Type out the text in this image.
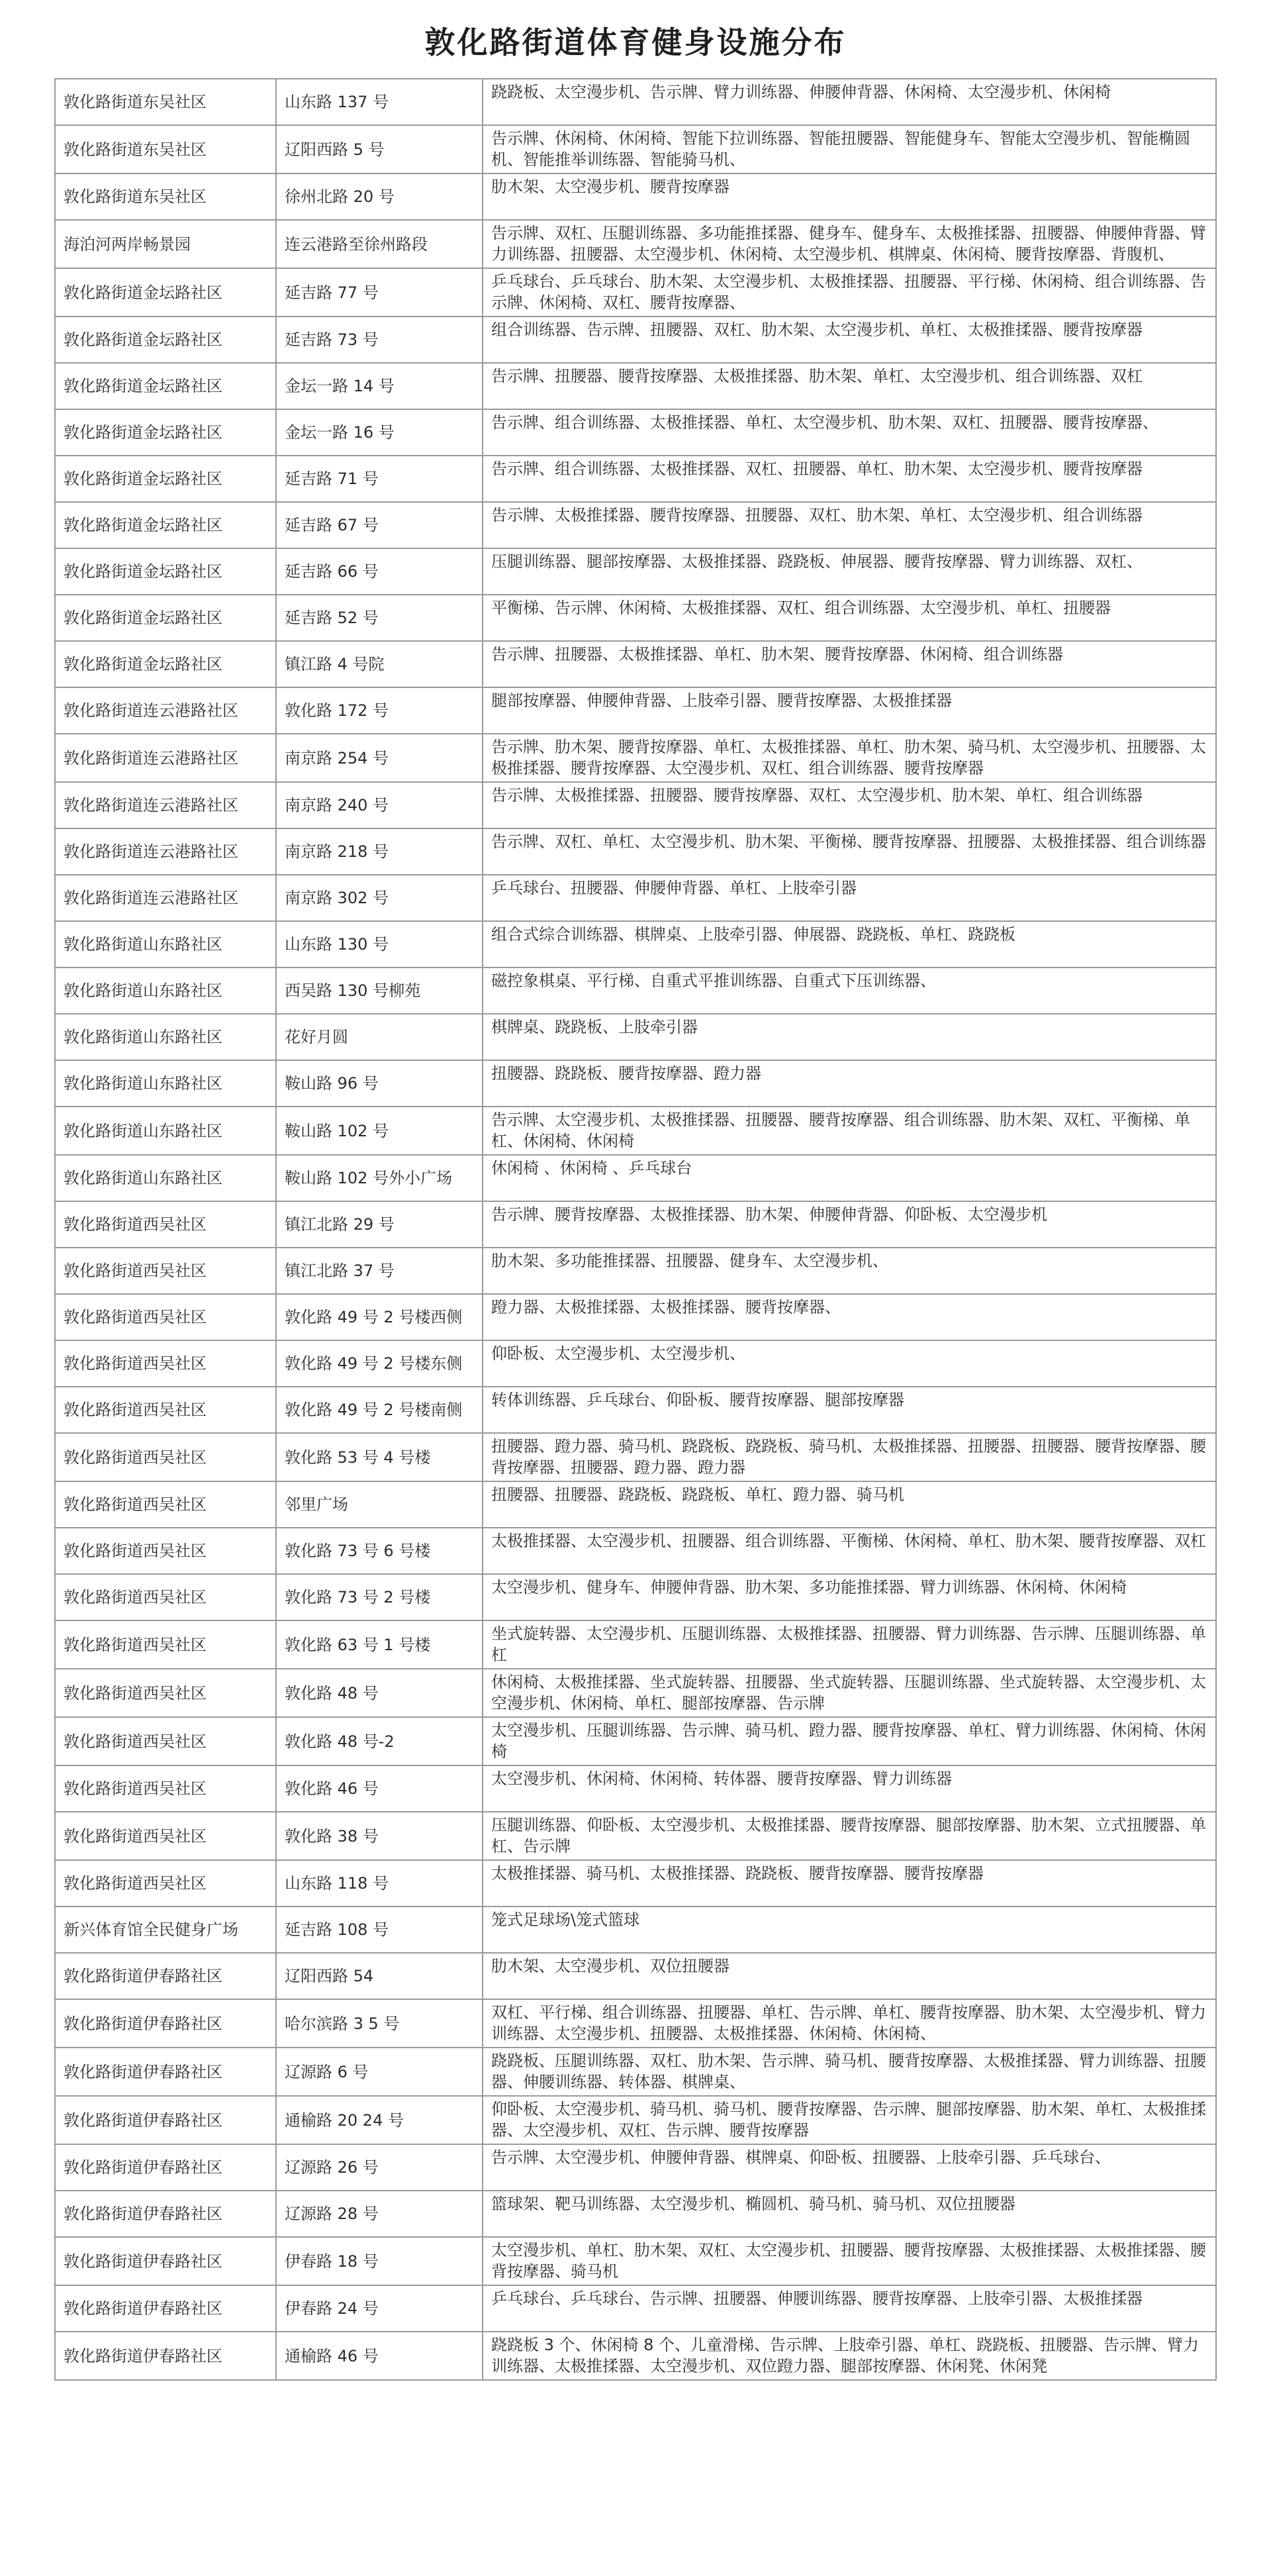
敦化路街道体育健身设施分布
敦化路街道东吴社区	山东路 137 号	跷跷板、太空漫步机、告示牌、臂力训练器、伸腰伸背器、休闲椅、太空漫步机、休闲椅
敦化路街道东吴社区	辽阳西路 5 号	告示牌、休闲椅、休闲椅、智能下拉训练器、智能扭腰器、智能健身车、智能太空漫步机、智能椭圆机、智能推举训练器、智能骑马机、
敦化路街道东吴社区	徐州北路 20 号	肋木架、太空漫步机、腰背按摩器
海泊河两岸畅景园	连云港路至徐州路段	告示牌、双杠、压腿训练器、多功能推揉器、健身车、健身车、太极推揉器、扭腰器、伸腰伸背器、臂力训练器、扭腰器、太空漫步机、休闲椅、太空漫步机、棋牌桌、休闲椅、腰背按摩器、背腹机、
敦化路街道金坛路社区	延吉路 77 号	乒乓球台、乒乓球台、肋木架、太空漫步机、太极推揉器、扭腰器、平行梯、休闲椅、组合训练器、告示牌、休闲椅、双杠、腰背按摩器、
敦化路街道金坛路社区	延吉路 73 号	组合训练器、告示牌、扭腰器、双杠、肋木架、太空漫步机、单杠、太极推揉器、腰背按摩器
敦化路街道金坛路社区	金坛一路 14 号	告示牌、扭腰器、腰背按摩器、太极推揉器、肋木架、单杠、太空漫步机、组合训练器、双杠
敦化路街道金坛路社区	金坛一路 16 号	告示牌、组合训练器、太极推揉器、单杠、太空漫步机、肋木架、双杠、扭腰器、腰背按摩器、
敦化路街道金坛路社区	延吉路 71 号	告示牌、组合训练器、太极推揉器、双杠、扭腰器、单杠、肋木架、太空漫步机、腰背按摩器
敦化路街道金坛路社区	延吉路 67 号	告示牌、太极推揉器、腰背按摩器、扭腰器、双杠、肋木架、单杠、太空漫步机、组合训练器
敦化路街道金坛路社区	延吉路 66 号	压腿训练器、腿部按摩器、太极推揉器、跷跷板、伸展器、腰背按摩器、臂力训练器、双杠、
敦化路街道金坛路社区	延吉路 52 号	平衡梯、告示牌、休闲椅、太极推揉器、双杠、组合训练器、太空漫步机、单杠、扭腰器
敦化路街道金坛路社区	镇江路 4 号院	告示牌、扭腰器、太极推揉器、单杠、肋木架、腰背按摩器、休闲椅、组合训练器
敦化路街道连云港路社区	敦化路 172 号	腿部按摩器、伸腰伸背器、上肢牵引器、腰背按摩器、太极推揉器
敦化路街道连云港路社区	南京路 254 号	告示牌、肋木架、腰背按摩器、单杠、太极推揉器、单杠、肋木架、骑马机、太空漫步机、扭腰器、太极推揉器、腰背按摩器、太空漫步机、双杠、组合训练器、腰背按摩器
敦化路街道连云港路社区	南京路 240 号	告示牌、太极推揉器、扭腰器、腰背按摩器、双杠、太空漫步机、肋木架、单杠、组合训练器
敦化路街道连云港路社区	南京路 218 号	告示牌、双杠、单杠、太空漫步机、肋木架、平衡梯、腰背按摩器、扭腰器、太极推揉器、组合训练器
敦化路街道连云港路社区	南京路 302 号	乒乓球台、扭腰器、伸腰伸背器、单杠、上肢牵引器
敦化路街道山东路社区	山东路 130 号	组合式综合训练器、棋牌桌、上肢牵引器、伸展器、跷跷板、单杠、跷跷板
敦化路街道山东路社区	西吴路 130 号柳苑	磁控象棋桌、平行梯、自重式平推训练器、自重式下压训练器、
敦化路街道山东路社区	花好月圆	棋牌桌、跷跷板、上肢牵引器
敦化路街道山东路社区	鞍山路 96 号	扭腰器、跷跷板、腰背按摩器、蹬力器
敦化路街道山东路社区	鞍山路 102 号	告示牌、太空漫步机、太极推揉器、扭腰器、腰背按摩器、组合训练器、肋木架、双杠、平衡梯、单杠、休闲椅、休闲椅
敦化路街道山东路社区	鞍山路 102 号外小广场	休闲椅 、休闲椅 、乒乓球台
敦化路街道西吴社区	镇江北路 29 号	告示牌、腰背按摩器、太极推揉器、肋木架、伸腰伸背器、仰卧板、太空漫步机
敦化路街道西吴社区	镇江北路 37 号	肋木架、多功能推揉器、扭腰器、健身车、太空漫步机、
敦化路街道西吴社区	敦化路 49 号 2 号楼西侧	蹬力器、太极推揉器、太极推揉器、腰背按摩器、
敦化路街道西吴社区	敦化路 49 号 2 号楼东侧	仰卧板、太空漫步机、太空漫步机、
敦化路街道西吴社区	敦化路 49 号 2 号楼南侧	转体训练器、乒乓球台、仰卧板、腰背按摩器、腿部按摩器
敦化路街道西吴社区	敦化路 53 号 4 号楼	扭腰器、蹬力器、骑马机、跷跷板、跷跷板、骑马机、太极推揉器、扭腰器、扭腰器、腰背按摩器、腰背按摩器、扭腰器、蹬力器、蹬力器
敦化路街道西吴社区	邻里广场	扭腰器、扭腰器、跷跷板、跷跷板、单杠、蹬力器、骑马机
敦化路街道西吴社区	敦化路 73 号 6 号楼	太极推揉器、太空漫步机、扭腰器、组合训练器、平衡梯、休闲椅、单杠、肋木架、腰背按摩器、双杠
敦化路街道西吴社区	敦化路 73 号 2 号楼	太空漫步机、健身车、伸腰伸背器、肋木架、多功能推揉器、臂力训练器、休闲椅、休闲椅
敦化路街道西吴社区	敦化路 63 号 1 号楼	坐式旋转器、太空漫步机、压腿训练器、太极推揉器、扭腰器、臂力训练器、告示牌、压腿训练器、单杠
敦化路街道西吴社区	敦化路 48 号	休闲椅、太极推揉器、坐式旋转器、扭腰器、坐式旋转器、压腿训练器、坐式旋转器、太空漫步机、太空漫步机、休闲椅、单杠、腿部按摩器、告示牌
敦化路街道西吴社区	敦化路 48 号-2	太空漫步机、压腿训练器、告示牌、骑马机、蹬力器、腰背按摩器、单杠、臂力训练器、休闲椅、休闲椅
敦化路街道西吴社区	敦化路 46 号	太空漫步机、休闲椅、休闲椅、转体器、腰背按摩器、臂力训练器
敦化路街道西吴社区	敦化路 38 号	压腿训练器、仰卧板、太空漫步机、太极推揉器、腰背按摩器、腿部按摩器、肋木架、立式扭腰器、单杠、告示牌
敦化路街道西吴社区	山东路 118 号	太极推揉器、骑马机、太极推揉器、跷跷板、腰背按摩器、腰背按摩器
新兴体育馆全民健身广场	延吉路 108 号	笼式足球场\笼式篮球
敦化路街道伊春路社区	辽阳西路 54	肋木架、太空漫步机、双位扭腰器
敦化路街道伊春路社区	哈尔滨路 3 5 号	双杠、平行梯、组合训练器、扭腰器、单杠、告示牌、单杠、腰背按摩器、肋木架、太空漫步机、臂力训练器、太空漫步机、扭腰器、太极推揉器、休闲椅、休闲椅、
敦化路街道伊春路社区	辽源路 6 号	跷跷板、压腿训练器、双杠、肋木架、告示牌、骑马机、腰背按摩器、太极推揉器、臂力训练器、扭腰器、伸腰训练器、转体器、棋牌桌、
敦化路街道伊春路社区	通榆路 20 24 号	仰卧板、太空漫步机、骑马机、骑马机、腰背按摩器、告示牌、腿部按摩器、肋木架、单杠、太极推揉器、太空漫步机、双杠、告示牌、腰背按摩器
敦化路街道伊春路社区	辽源路 26 号	告示牌、太空漫步机、伸腰伸背器、棋牌桌、仰卧板、扭腰器、上肢牵引器、乒乓球台、
敦化路街道伊春路社区	辽源路 28 号	篮球架、靶马训练器、太空漫步机、椭圆机、骑马机、骑马机、双位扭腰器
敦化路街道伊春路社区	伊春路 18 号	太空漫步机、单杠、肋木架、双杠、太空漫步机、扭腰器、腰背按摩器、太极推揉器、太极推揉器、腰背按摩器、骑马机
敦化路街道伊春路社区	伊春路 24 号	乒乓球台、乒乓球台、告示牌、扭腰器、伸腰训练器、腰背按摩器、上肢牵引器、太极推揉器
敦化路街道伊春路社区	通榆路 46 号	跷跷板 3 个、休闲椅 8 个、儿童滑梯、告示牌、上肢牵引器、单杠、跷跷板、扭腰器、告示牌、臂力训练器、太极推揉器、太空漫步机、双位蹬力器、腿部按摩器、休闲凳、休闲凳
